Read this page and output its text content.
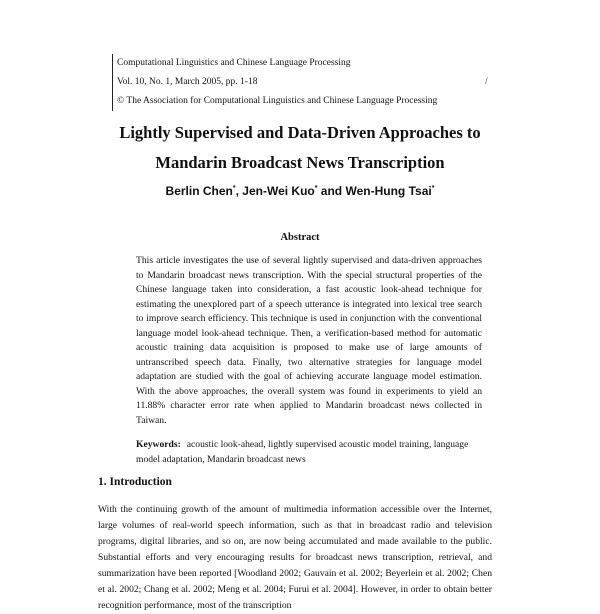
Computational Linguistics and Chinese Language Processing
Vol. 10, No. 1, March 2005, pp. 1-18	/
© The Association for Computational Linguistics and Chinese Language Processing
Lightly Supervised and Data-Driven Approaches to
Mandarin Broadcast News Transcription
Berlin Chen*, Jen-Wei Kuo* and Wen-Hung Tsai*
Abstract
This article investigates the use of several lightly supervised and data-driven approaches to Mandarin broadcast news transcription. With the special structural properties of the Chinese language taken into consideration, a fast acoustic look-ahead technique for estimating the unexplored part of a speech utterance is integrated into lexical tree search to improve search efficiency. This technique is used in conjunction with the conventional language model look-ahead technique. Then, a verification-based method for automatic acoustic training data acquisition is proposed to make use of large amounts of untranscribed speech data. Finally, two alternative strategies for language model adaptation are studied with the goal of achieving accurate language model estimation. With the above approaches, the overall system was found in experiments to yield an 11.88% character error rate when applied to Mandarin broadcast news collected in Taiwan.
Keywords: acoustic look-ahead, lightly supervised acoustic model training, language model adaptation, Mandarin broadcast news
1. Introduction
With the continuing growth of the amount of multimedia information accessible over the Internet, large volumes of real-world speech information, such as that in broadcast radio and television programs, digital libraries, and so on, are now being accumulated and made available to the public. Substantial efforts and very encouraging results for broadcast news transcription, retrieval, and summarization have been reported [Woodland 2002; Gauvain et al. 2002; Beyerlein et al. 2002; Chen et al. 2002; Chang et al. 2002; Meng et al. 2004; Furui et al. 2004]. However, in order to obtain better recognition performance, most of the transcription
